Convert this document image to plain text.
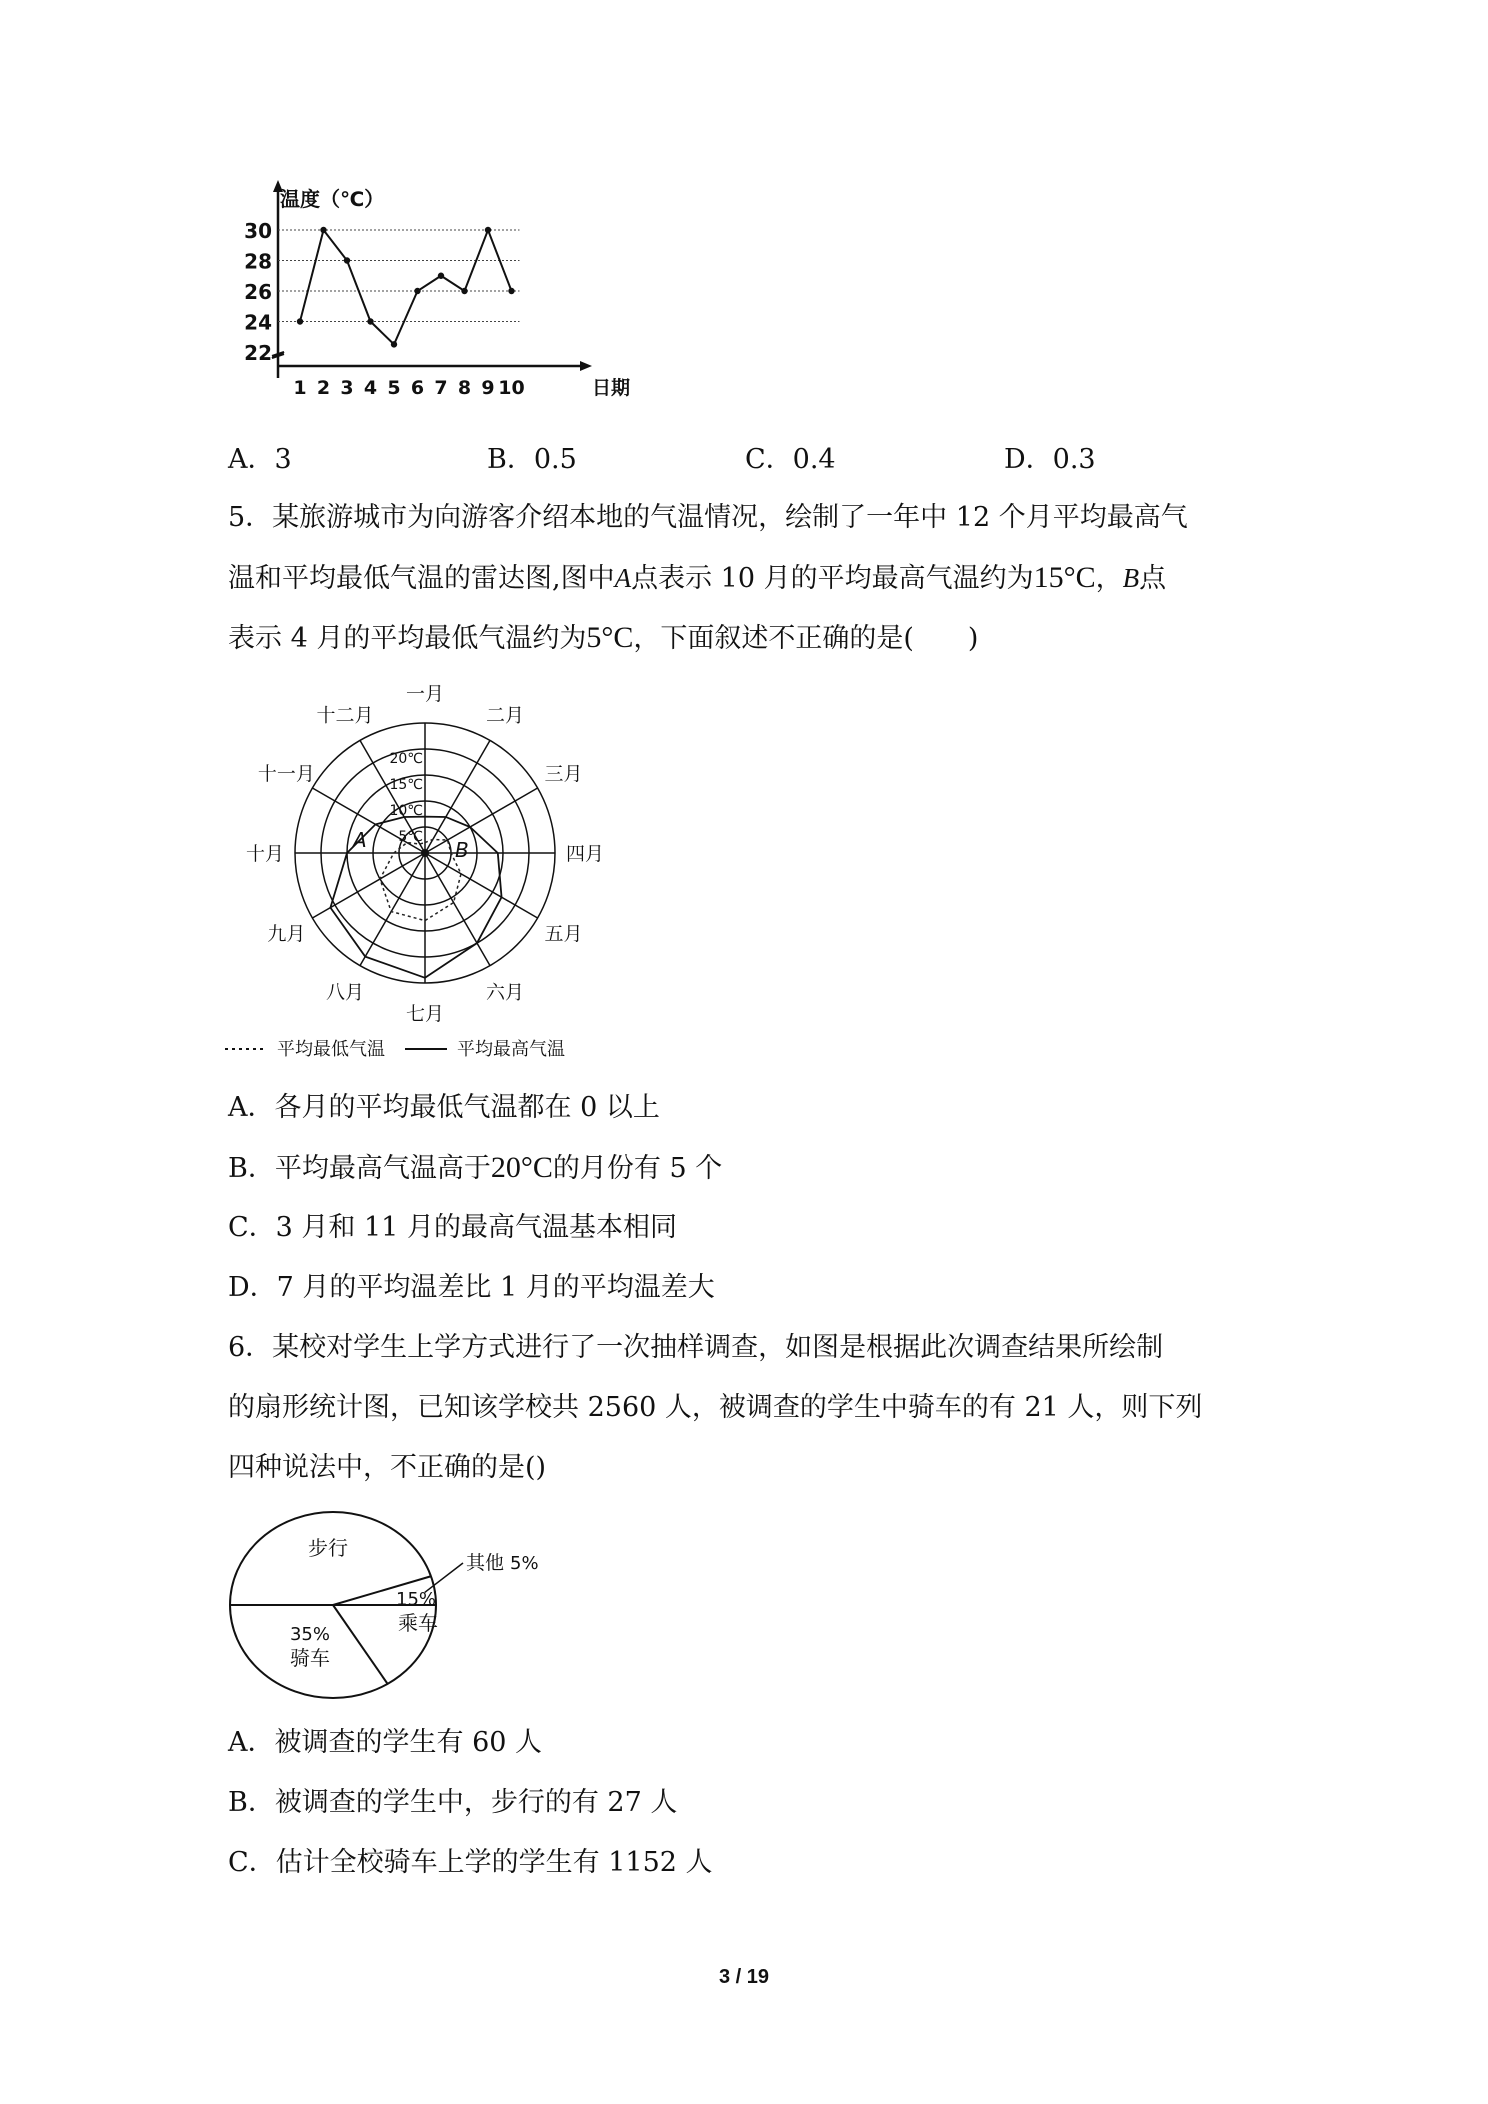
22
24
26
28
30
温度（℃）
1 2 3 4 5 6 7 8 9 10	日期
A．3	B．0.5	C．0.4	D．0.3
5．某旅游城市为向游客介绍本地的气温情况，绘制了一年中 12 个月平均最高气
温和平均最低气温的雷达图,图中A点表示 10 月的平均最高气温约为15°C，B点
表示 4 月的平均最低气温约为5°C，下面叙述不正确的是(　　)
一月
二月
三月
四月
五月
六月
七月
八月
九月
十月
十一月
十二月
5℃
10℃
15℃
20℃
A	B
平均最低气温	平均最高气温
A．各月的平均最低气温都在 0 以上
B．平均最高气温高于20°C的月份有 5 个
C．3 月和 11 月的最高气温基本相同
D．7 月的平均温差比 1 月的平均温差大
6．某校对学生上学方式进行了一次抽样调查，如图是根据此次调查结果所绘制
的扇形统计图，已知该学校共 2560 人，被调查的学生中骑车的有 21 人，则下列
四种说法中，不正确的是()
步行
其他 5%
15%
乘车
35%
骑车
A．被调查的学生有 60 人
B．被调查的学生中，步行的有 27 人
C．估计全校骑车上学的学生有 1152 人
3 / 19
